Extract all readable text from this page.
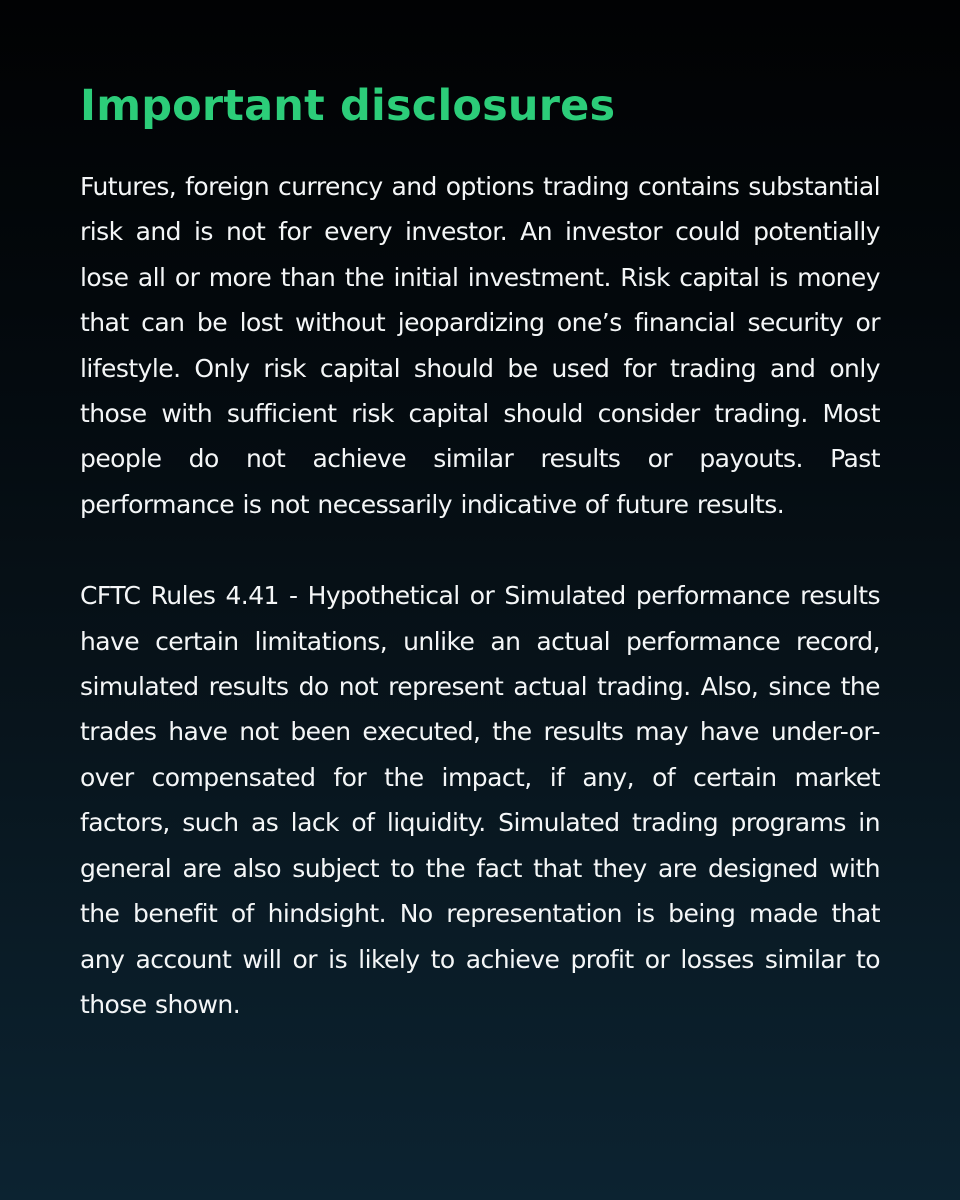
Important disclosures

Futures, foreign currency and options trading contains substantial risk and is not for every investor. An investor could potentially lose all or more than the initial investment. Risk capital is money that can be lost without jeopardizing one’s financial security or lifestyle. Only risk capital should be used for trading and only those with sufficient risk capital should consider trading. Most people do not achieve similar results or payouts. Past performance is not necessarily indicative of future results.

CFTC Rules 4.41 - Hypothetical or Simulated performance results have certain limitations, unlike an actual performance record, simulated results do not represent actual trading. Also, since the trades have not been executed, the results may have under-or-over compensated for the impact, if any, of certain market factors, such as lack of liquidity. Simulated trading programs in general are also subject to the fact that they are designed with the benefit of hindsight. No representation is being made that any account will or is likely to achieve profit or losses similar to those shown.
